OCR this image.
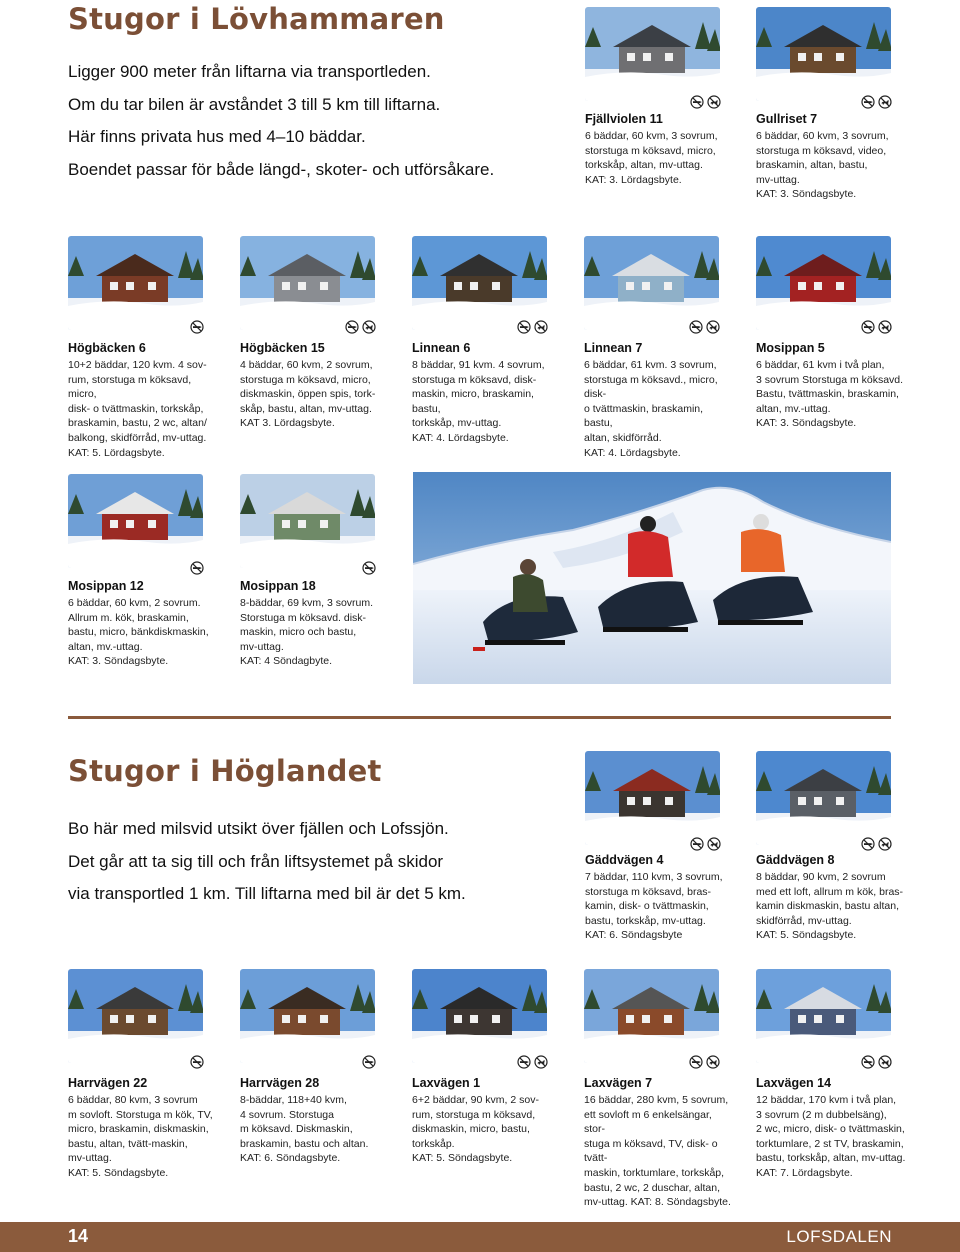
Stugor i Lövhammaren
Ligger 900 meter från liftarna via transportleden.
Om du tar bilen är avståndet 3 till 5 km till liftarna.
Här finns privata hus med 4–10 bäddar.
Boendet passar för både längd-, skoter- och utförsåkare.
Fjällviolen 11
6 bäddar, 60 kvm, 3 sovrum,
storstuga m köksavd, micro,
torkskåp, altan, mv-uttag.
KAT: 3. Lördagsbyte.
Gullriset 7
6 bäddar, 60 kvm, 3 sovrum,
storstuga m köksavd, video,
braskamin, altan, bastu,
mv-uttag.
KAT: 3. Söndagsbyte.
Högbäcken 6
10+2 bäddar, 120 kvm. 4 sov-
rum, storstuga m köksavd, micro,
disk- o tvättmaskin, torkskåp,
braskamin, bastu, 2 wc, altan/
balkong, skidförråd, mv-uttag.
KAT: 5. Lördagsbyte.
Högbäcken 15
4 bäddar, 60 kvm, 2 sovrum,
storstuga m köksavd, micro,
diskmaskin, öppen spis, tork-
skåp, bastu, altan, mv-uttag.
KAT 3. Lördagsbyte.
Linnean 6
8 bäddar, 91 kvm. 4 sovrum,
storstuga m köksavd, disk-
maskin, micro, braskamin, bastu,
torkskåp, mv-uttag.
KAT: 4. Lördagsbyte.
Linnean 7
6 bäddar, 61 kvm. 3 sovrum,
storstuga m köksavd., micro, disk-
o tvättmaskin, braskamin, bastu,
altan, skidförråd.
KAT: 4. Lördagsbyte.
Mosippan 5
6 bäddar, 61 kvm i två plan,
3 sovrum Storstuga m köksavd.
Bastu, tvättmaskin, braskamin,
altan, mv.-uttag.
KAT: 3. Söndagsbyte.
Mosippan 12
6 bäddar, 60 kvm, 2 sovrum.
Allrum m. kök, braskamin,
bastu, micro, bänkdiskmaskin,
altan, mv.-uttag.
KAT: 3. Söndagsbyte.
Mosippan 18
8-bäddar, 69 kvm, 3 sovrum.
Storstuga m köksavd. disk-
maskin, micro och bastu,
mv-uttag.
KAT: 4 Söndagbyte.
Stugor i Höglandet
Bo här med milsvid utsikt över fjällen och Lofssjön.
Det går att ta sig till och från liftsystemet på skidor
via transportled 1 km. Till liftarna med bil är det 5 km.
Gäddvägen 4
7 bäddar, 110 kvm, 3 sovrum,
storstuga m köksavd, bras-
kamin, disk- o tvättmaskin,
bastu, torkskåp, mv-uttag.
KAT: 6. Söndagsbyte
Gäddvägen 8
8 bäddar, 90 kvm, 2 sovrum
med ett loft, allrum m kök, bras-
kamin diskmaskin, bastu altan,
skidförråd, mv-uttag.
KAT: 5. Söndagsbyte.
Harrvägen 22
6 bäddar, 80 kvm, 3 sovrum
m sovloft. Storstuga m kök, TV,
micro, braskamin, diskmaskin,
bastu, altan, tvätt-maskin,
mv-uttag.
KAT: 5. Söndagsbyte.
Harrvägen 28
8-bäddar, 118+40 kvm,
4 sovrum. Storstuga
m köksavd. Diskmaskin,
braskamin, bastu och altan.
KAT: 6. Söndagsbyte.
Laxvägen 1
6+2 bäddar, 90 kvm, 2 sov-
rum, storstuga m köksavd,
diskmaskin, micro, bastu,
torkskåp.
KAT: 5. Söndagsbyte.
Laxvägen 7
16 bäddar, 280 kvm, 5 sovrum,
ett sovloft m 6 enkelsängar, stor-
stuga m köksavd, TV, disk- o tvätt-
maskin, torktumlare, torkskåp,
bastu, 2 wc, 2 duschar, altan,
mv-uttag. KAT: 8. Söndagsbyte.
Laxvägen 14
12 bäddar, 170 kvm i två plan,
3 sovrum (2 m dubbelsäng),
2 wc, micro, disk- o tvättmaskin,
torktumlare, 2 st TV, braskamin,
bastu, torkskåp, altan, mv-uttag.
KAT: 7. Lördagsbyte.
14	LOFSDALEN
